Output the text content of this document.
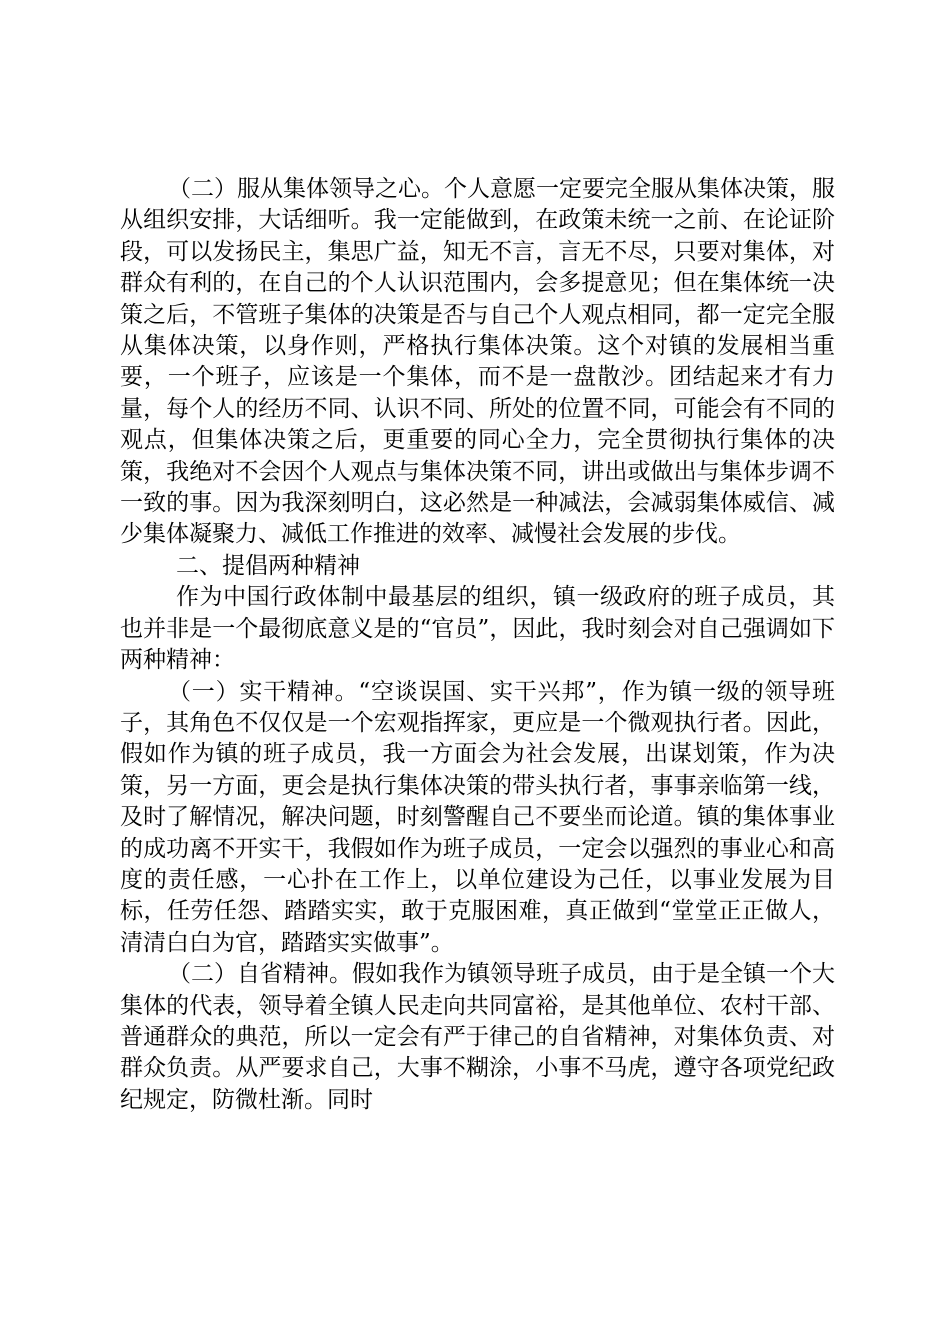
（二）服从集体领导之心。个人意愿一定要完全服从集体决策，服从组织安排，大话细听。我一定能做到，在政策未统一之前、在论证阶段，可以发扬民主，集思广益，知无不言，言无不尽，只要对集体，对群众有利的，在自己的个人认识范围内，会多提意见；但在集体统一决策之后，不管班子集体的决策是否与自己个人观点相同，都一定完全服从集体决策，以身作则，严格执行集体决策。这个对镇的发展相当重要，一个班子，应该是一个集体，而不是一盘散沙。团结起来才有力量，每个人的经历不同、认识不同、所处的位置不同，可能会有不同的观点，但集体决策之后，更重要的同心全力，完全贯彻执行集体的决策，我绝对不会因个人观点与集体决策不同，讲出或做出与集体步调不一致的事。因为我深刻明白，这必然是一种减法，会减弱集体威信、减少集体凝聚力、减低工作推进的效率、减慢社会发展的步伐。

二、提倡两种精神

作为中国行政体制中最基层的组织，镇一级政府的班子成员，其也并非是一个最彻底意义是的“官员”，因此，我时刻会对自己强调如下两种精神：

（一）实干精神。“空谈误国、实干兴邦”，作为镇一级的领导班子，其角色不仅仅是一个宏观指挥家，更应是一个微观执行者。因此，假如作为镇的班子成员，我一方面会为社会发展，出谋划策，作为决策，另一方面，更会是执行集体决策的带头执行者，事事亲临第一线，及时了解情况，解决问题，时刻警醒自己不要坐而论道。镇的集体事业的成功离不开实干，我假如作为班子成员，一定会以强烈的事业心和高度的责任感，一心扑在工作上，以单位建设为己任，以事业发展为目标，任劳任怨、踏踏实实，敢于克服困难，真正做到“堂堂正正做人，清清白白为官，踏踏实实做事”。

（二）自省精神。假如我作为镇领导班子成员，由于是全镇一个大集体的代表，领导着全镇人民走向共同富裕，是其他单位、农村干部、普通群众的典范，所以一定会有严于律己的自省精神，对集体负责、对群众负责。从严要求自己，大事不糊涂，小事不马虎，遵守各项党纪政纪规定，防微杜渐。同时
